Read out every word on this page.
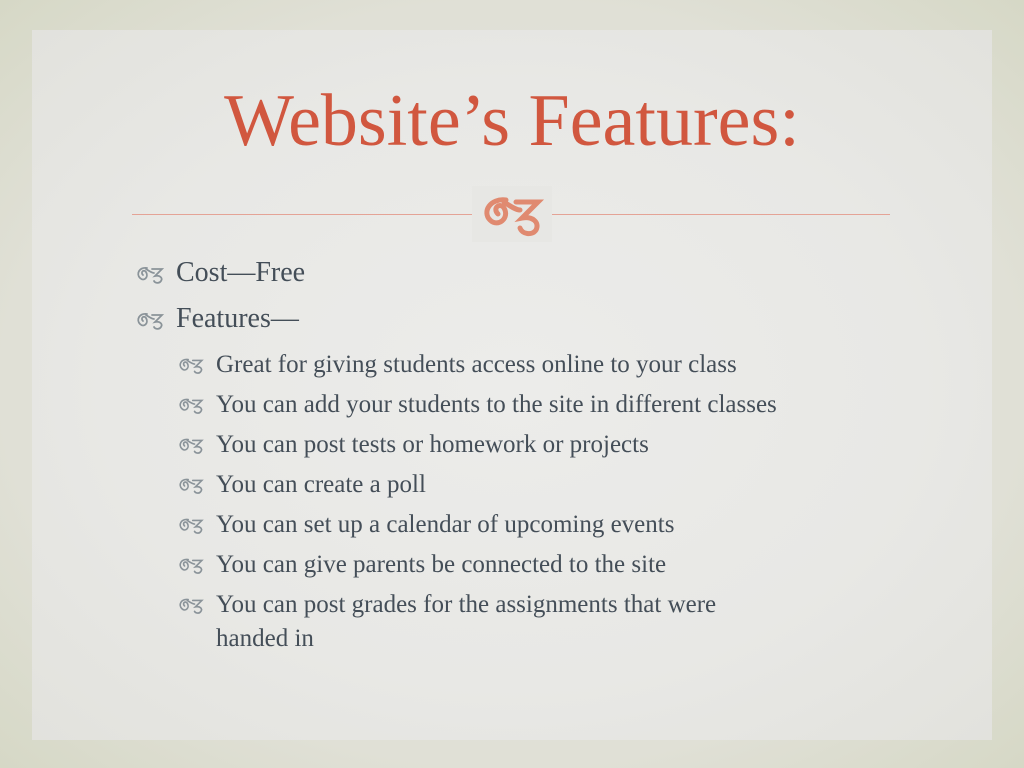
Website’s Features:
Cost—Free
Features—
Great for giving students access online to your class
You can add your students to the site in different classes
You can post tests or homework or projects
You can create a poll
You can set up a calendar of upcoming events
You can give parents be connected to the site
You can post grades for the assignments that were handed in
